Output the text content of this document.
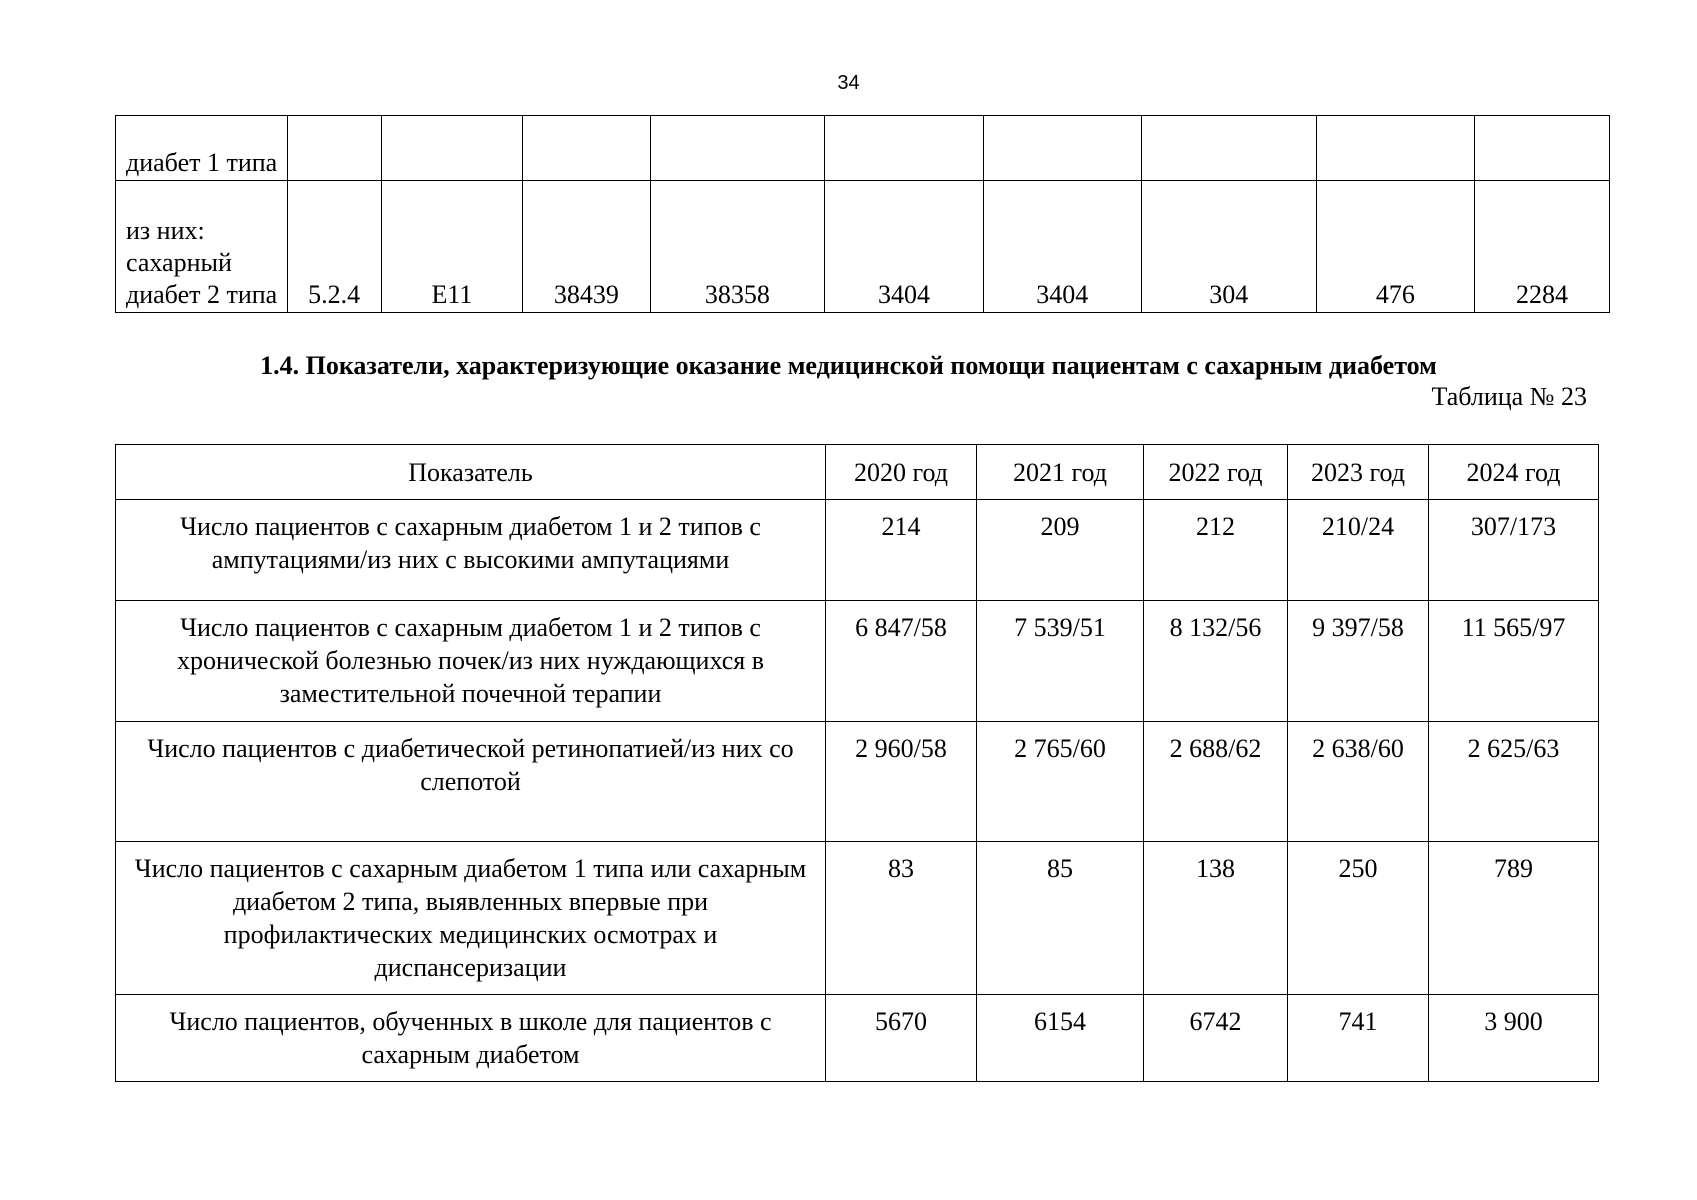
34
диабет 1 типа									
из них: сахарный диабет 2 типа	5.2.4	E11	38439	38358	3404	3404	304	476	2284
1.4. Показатели, характеризующие оказание медицинской помощи пациентам с сахарным диабетом
Таблица № 23
Показатель	2020 год	2021 год	2022 год	2023 год	2024 год
Число пациентов с сахарным диабетом 1 и 2 типов с ампутациями/из них с высокими ампутациями	214	209	212	210/24	307/173
Число пациентов с сахарным диабетом 1 и 2 типов с хронической болезнью почек/из них нуждающихся в заместительной почечной терапии	6 847/58	7 539/51	8 132/56	9 397/58	11 565/97
Число пациентов с диабетической ретинопатией/из них со слепотой	2 960/58	2 765/60	2 688/62	2 638/60	2 625/63
Число пациентов с сахарным диабетом 1 типа или сахарным диабетом 2 типа, выявленных впервые при профилактических медицинских осмотрах и диспансеризации	83	85	138	250	789
Число пациентов, обученных в школе для пациентов с сахарным диабетом	5670	6154	6742	741	3 900
